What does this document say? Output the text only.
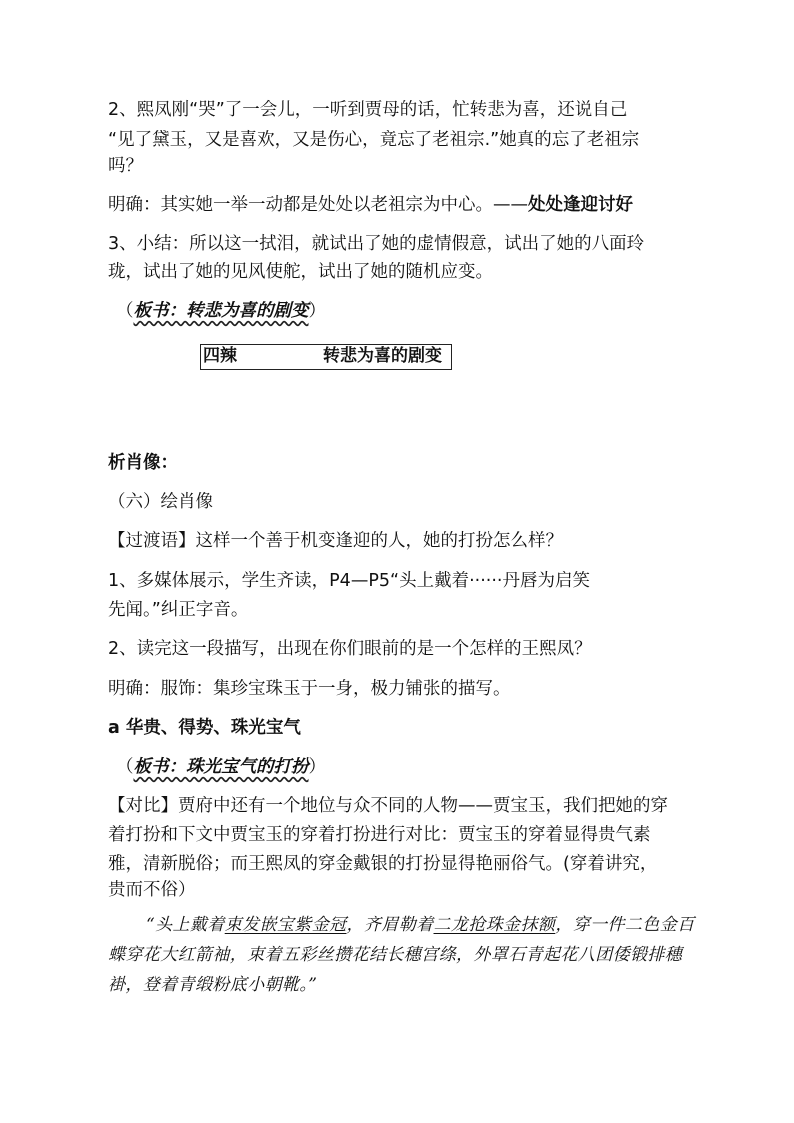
2、熙凤刚“哭”了一会儿，一听到贾母的话，忙转悲为喜，还说自己
“见了黛玉，又是喜欢，又是伤心，竟忘了老祖宗.”她真的忘了老祖宗
吗？
明确：其实她一举一动都是处处以老祖宗为中心。——处处逢迎讨好
3、小结：所以这一拭泪，就试出了她的虚情假意，试出了她的八面玲
珑，试出了她的见风使舵，试出了她的随机应变。
（板书：转悲为喜的剧变）
四辣	转悲为喜的剧变
析肖像：
（六）绘肖像
【过渡语】这样一个善于机变逢迎的人，她的打扮怎么样？
1、多媒体展示，学生齐读，P4—P5“头上戴着······丹唇为启笑
先闻。”纠正字音。
2、读完这一段描写，出现在你们眼前的是一个怎样的王熙凤？
明确：服饰：集珍宝珠玉于一身，极力铺张的描写。
a 华贵、得势、珠光宝气
（板书：珠光宝气的打扮）
【对比】贾府中还有一个地位与众不同的人物——贾宝玉，我们把她的穿
着打扮和下文中贾宝玉的穿着打扮进行对比：贾宝玉的穿着显得贵气素
雅，清新脱俗；而王熙凤的穿金戴银的打扮显得艳丽俗气。(穿着讲究，
贵而不俗）
“头上戴着束发嵌宝紫金冠，齐眉勒着二龙抢珠金抹额，穿一件二色金百蝶穿花大红箭袖，束着五彩丝攒花结长穗宫绦，外罩石青起花八团倭锻排穗褂，登着青缎粉底小朝靴。”
